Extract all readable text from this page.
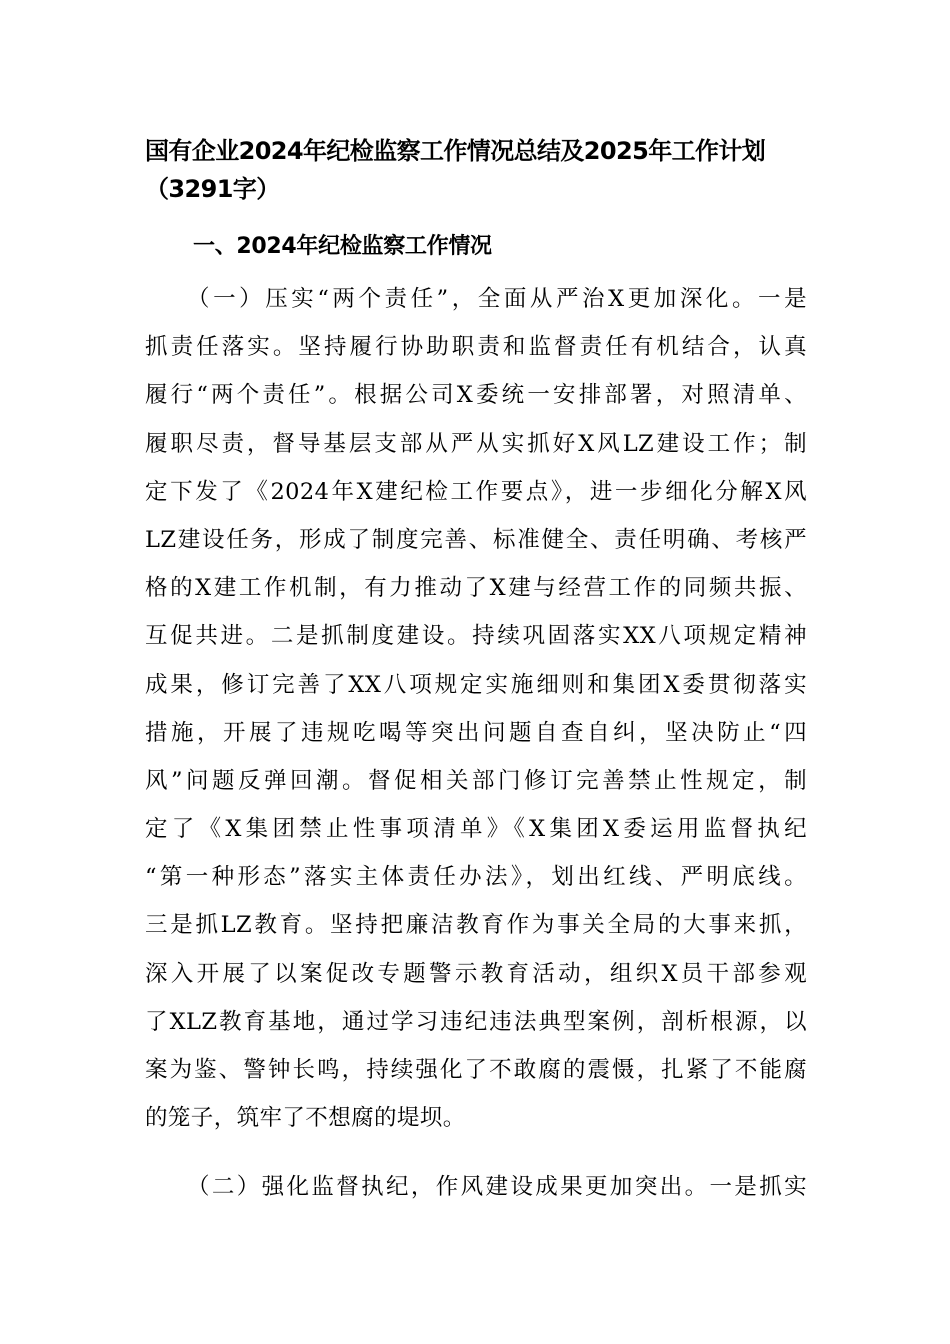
国有企业2024年纪检监察工作情况总结及2025年工作计划
（3291字）
一、2024年纪检监察工作情况
（一）压实“两个责任”，全面从严治X更加深化。一是
抓责任落实。坚持履行协助职责和监督责任有机结合，认真
履行“两个责任”。根据公司X委统一安排部署，对照清单、
履职尽责，督导基层支部从严从实抓好X风LZ建设工作；制
定下发了《2024年X建纪检工作要点》，进一步细化分解X风
LZ建设任务，形成了制度完善、标准健全、责任明确、考核严
格的X建工作机制，有力推动了X建与经营工作的同频共振、
互促共进。二是抓制度建设。持续巩固落实XX八项规定精神
成果，修订完善了XX八项规定实施细则和集团X委贯彻落实
措施，开展了违规吃喝等突出问题自查自纠，坚决防止“四
风”问题反弹回潮。督促相关部门修订完善禁止性规定，制
定了《X集团禁止性事项清单》《X集团X委运用监督执纪
“第一种形态”落实主体责任办法》，划出红线、严明底线。
三是抓LZ教育。坚持把廉洁教育作为事关全局的大事来抓，
深入开展了以案促改专题警示教育活动，组织X员干部参观
了XLZ教育基地，通过学习违纪违法典型案例，剖析根源，以
案为鉴、警钟长鸣，持续强化了不敢腐的震慑，扎紧了不能腐
的笼子，筑牢了不想腐的堤坝。
（二）强化监督执纪，作风建设成果更加突出。一是抓实
